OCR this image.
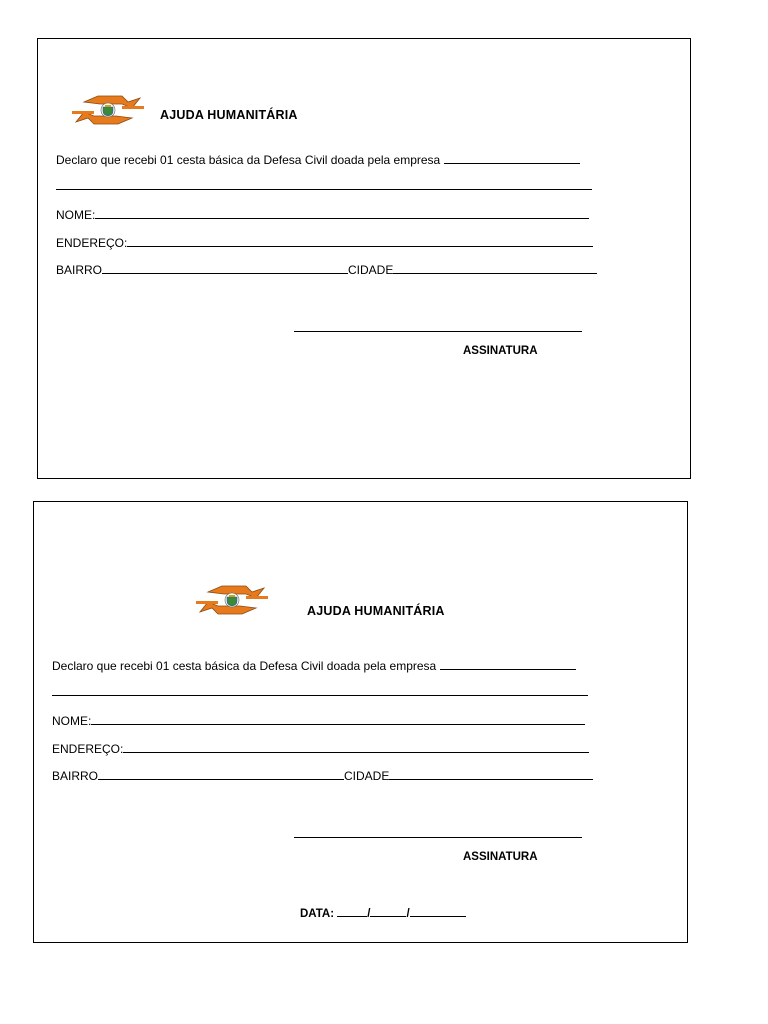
AJUDA HUMANITÁRIA
Declaro que recebi 01 cesta básica da Defesa Civil doada pela empresa
NOME:
ENDEREÇO:
BAIRRO	CIDADE
ASSINATURA
AJUDA HUMANITÁRIA
Declaro que recebi 01 cesta básica da Defesa Civil doada pela empresa
NOME:
ENDEREÇO:
BAIRRO	CIDADE
ASSINATURA
DATA:	/	/
